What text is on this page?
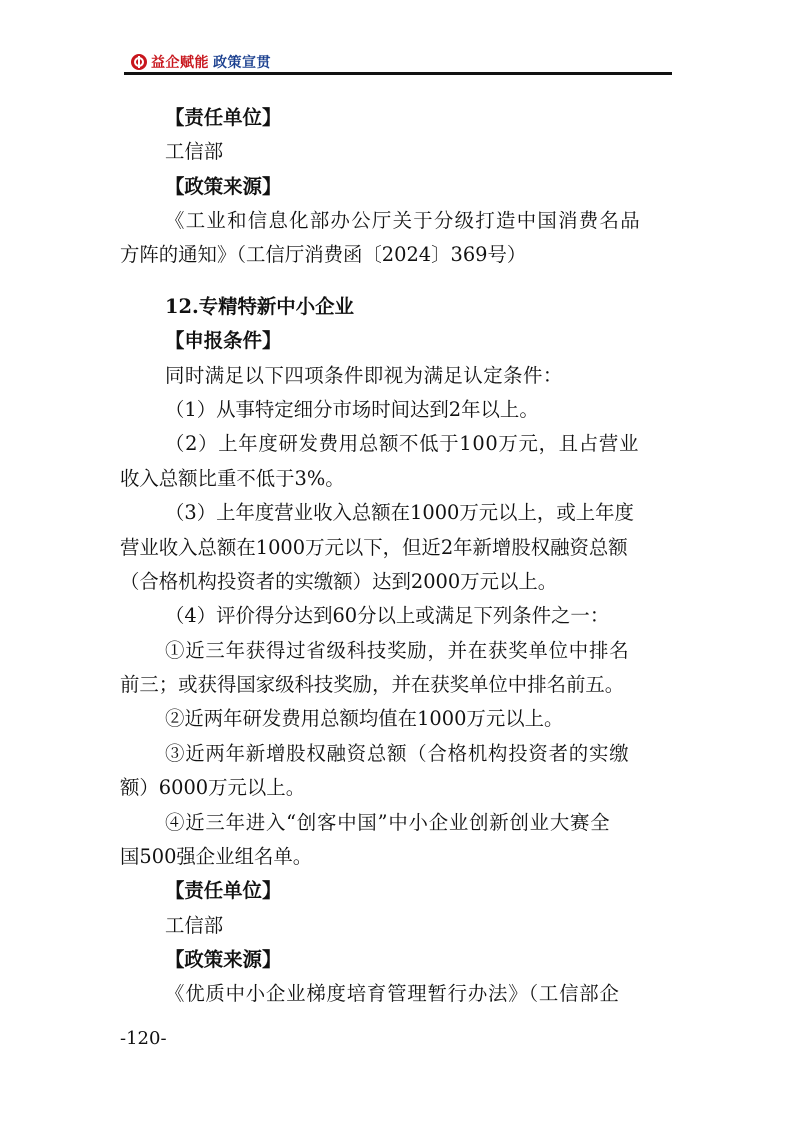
益企赋能 政策宣贯
【责任单位】
工信部
【政策来源】
《工业和信息化部办公厅关于分级打造中国消费名品
方阵的通知》（工信厅消费函〔2024〕369号）
12.专精特新中小企业
【申报条件】
同时满足以下四项条件即视为满足认定条件：
（1）从事特定细分市场时间达到2年以上。
（2）上年度研发费用总额不低于100万元，且占营业
收入总额比重不低于3%。
（3）上年度营业收入总额在1000万元以上，或上年度
营业收入总额在1000万元以下，但近2年新增股权融资总额
（合格机构投资者的实缴额）达到2000万元以上。
（4）评价得分达到60分以上或满足下列条件之一：
①近三年获得过省级科技奖励，并在获奖单位中排名
前三；或获得国家级科技奖励，并在获奖单位中排名前五。
②近两年研发费用总额均值在1000万元以上。
③近两年新增股权融资总额（合格机构投资者的实缴
额）6000万元以上。
④近三年进入“创客中国”中小企业创新创业大赛全
国500强企业组名单。
【责任单位】
工信部
【政策来源】
《优质中小企业梯度培育管理暂行办法》（工信部企
-120-
